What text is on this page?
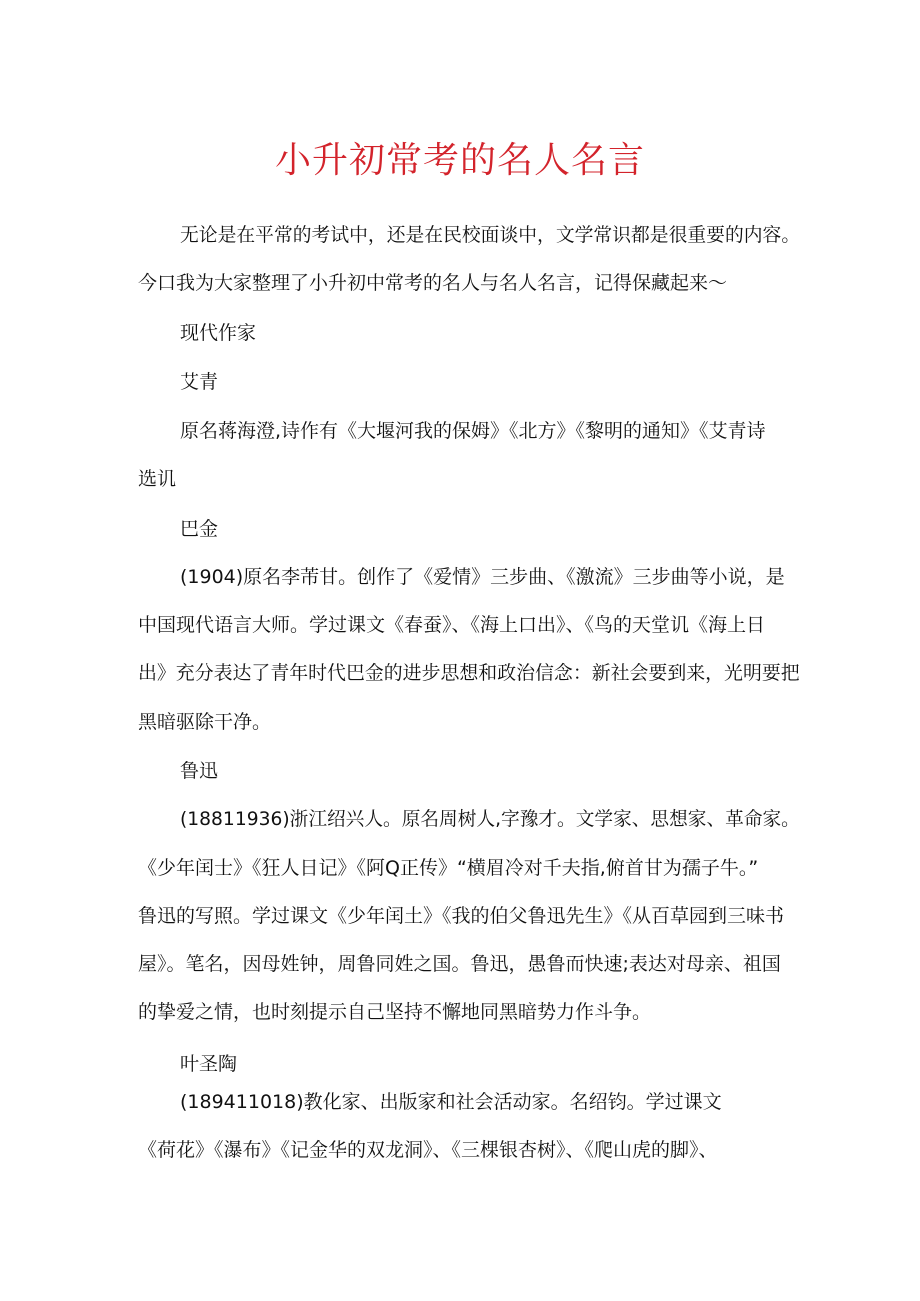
小升初常考的名人名言

无论是在平常的考试中，还是在民校面谈中，文学常识都是很重要的内容。

今口我为大家整理了小升初中常考的名人与名人名言，记得保藏起来～

现代作家

艾青

原名蒋海澄,诗作有《大堰河我的保姆》《北方》《黎明的通知》《艾青诗

选讥

巴金

(1904)原名李芾甘。创作了《爱情》三步曲、《激流》三步曲等小说，是

中国现代语言大师。学过课文《春蚕》、《海上口出》、《鸟的天堂讥《海上日

出》充分表达了青年时代巴金的进步思想和政治信念：新社会要到来，光明要把

黑暗驱除干净。

鲁迅

(18811936)浙江绍兴人。原名周树人,字豫才。文学家、思想家、革命家。

《少年闰士》《狂人日记》《阿Q正传》“横眉冷对千夫指,俯首甘为孺子牛。”

鲁迅的写照。学过课文《少年闰土》《我的伯父鲁迅先生》《从百草园到三味书

屋》。笔名，因母姓钟，周鲁同姓之国。鲁迅，愚鲁而快速;表达对母亲、祖国

的挚爱之情，也时刻提示自己坚持不懈地同黑暗势力作斗争。

叶圣陶

(189411018)教化家、出版家和社会活动家。名绍钧。学过课文

《荷花》《瀑布》《记金华的双龙洞》、《三棵银杏树》、《爬山虎的脚》、
